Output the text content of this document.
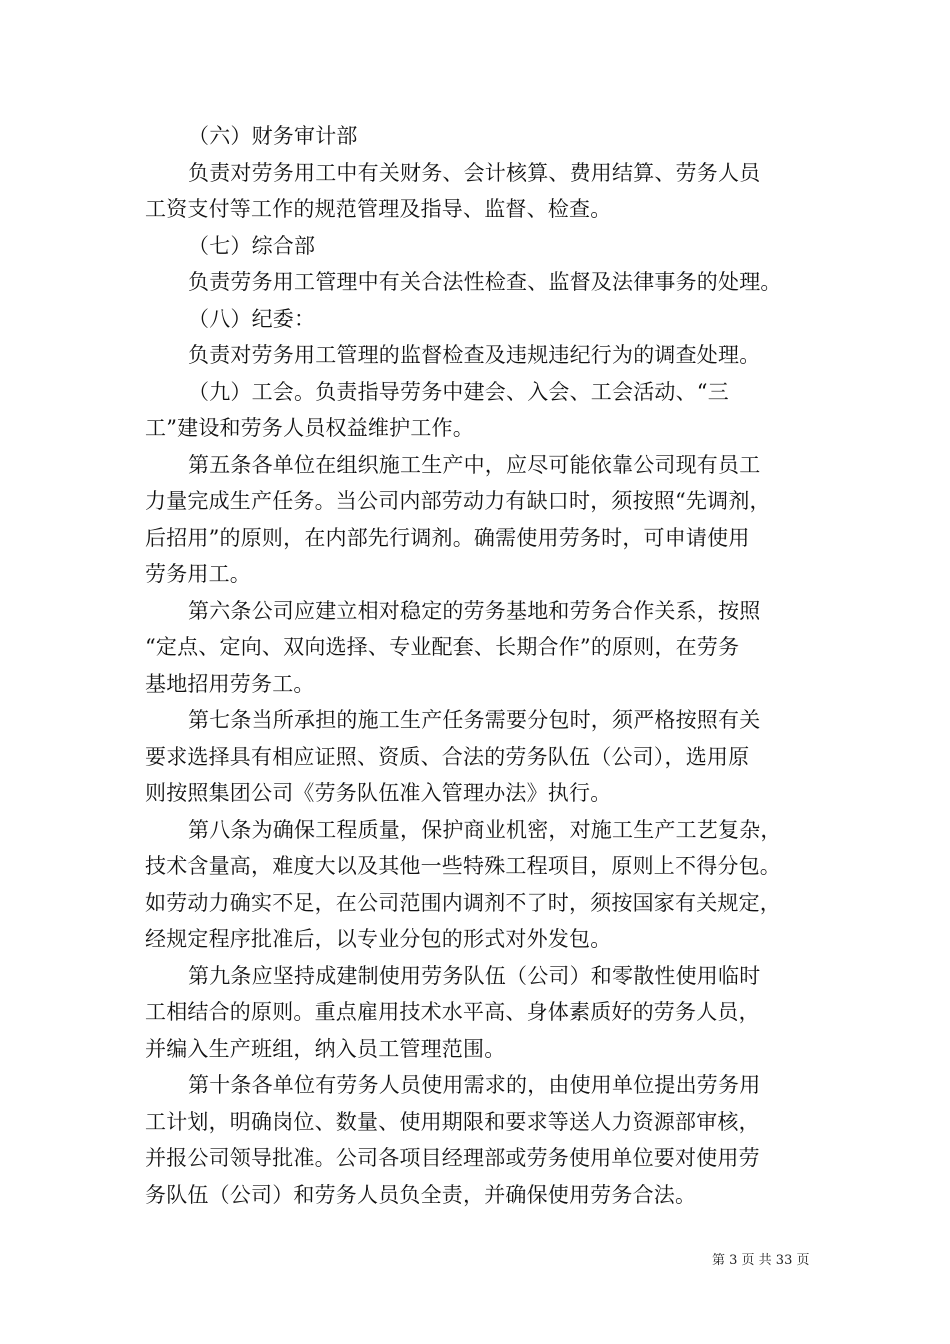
（六）财务审计部
负责对劳务用工中有关财务、会计核算、费用结算、劳务人员
工资支付等工作的规范管理及指导、监督、检查。
（七）综合部
负责劳务用工管理中有关合法性检查、监督及法律事务的处理。
（八）纪委：
负责对劳务用工管理的监督检查及违规违纪行为的调查处理。
（九）工会。负责指导劳务中建会、入会、工会活动、“三
工”建设和劳务人员权益维护工作。
第五条各单位在组织施工生产中，应尽可能依靠公司现有员工
力量完成生产任务。当公司内部劳动力有缺口时，须按照“先调剂，
后招用”的原则，在内部先行调剂。确需使用劳务时，可申请使用
劳务用工。
第六条公司应建立相对稳定的劳务基地和劳务合作关系，按照
“定点、定向、双向选择、专业配套、长期合作”的原则，在劳务
基地招用劳务工。
第七条当所承担的施工生产任务需要分包时，须严格按照有关
要求选择具有相应证照、资质、合法的劳务队伍（公司），选用原
则按照集团公司《劳务队伍准入管理办法》执行。
第八条为确保工程质量，保护商业机密，对施工生产工艺复杂，
技术含量高，难度大以及其他一些特殊工程项目，原则上不得分包。
如劳动力确实不足，在公司范围内调剂不了时，须按国家有关规定，
经规定程序批准后，以专业分包的形式对外发包。
第九条应坚持成建制使用劳务队伍（公司）和零散性使用临时
工相结合的原则。重点雇用技术水平高、身体素质好的劳务人员，
并编入生产班组，纳入员工管理范围。
第十条各单位有劳务人员使用需求的，由使用单位提出劳务用
工计划，明确岗位、数量、使用期限和要求等送人力资源部审核，
并报公司领导批准。公司各项目经理部或劳务使用单位要对使用劳
务队伍（公司）和劳务人员负全责，并确保使用劳务合法。
第 3 页 共 33 页
